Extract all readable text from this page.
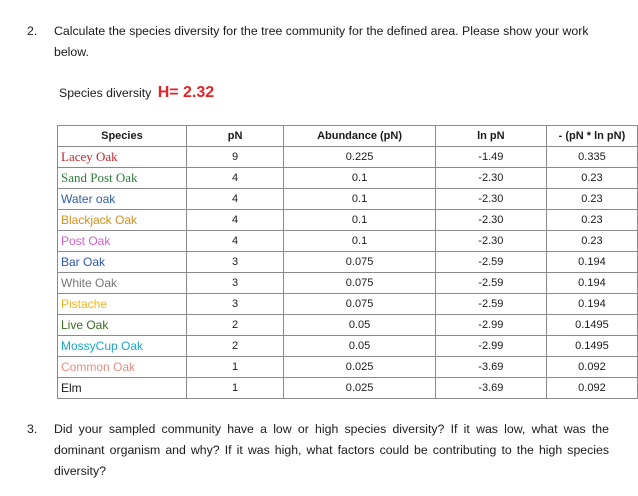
2. Calculate the species diversity for the tree community for the defined area. Please show your work below.
Species diversity H= 2.32
Species	pN	Abundance (pN)	ln pN	- (pN * ln pN)
Lacey Oak	9	0.225	-1.49	0.335
Sand Post Oak	4	0.1	-2.30	0.23
Water oak	4	0.1	-2.30	0.23
Blackjack Oak	4	0.1	-2.30	0.23
Post Oak	4	0.1	-2.30	0.23
Bar Oak	3	0.075	-2.59	0.194
White Oak	3	0.075	-2.59	0.194
Pistache	3	0.075	-2.59	0.194
Live Oak	2	0.05	-2.99	0.1495
MossyCup Oak	2	0.05	-2.99	0.1495
Common Oak	1	0.025	-3.69	0.092
Elm	1	0.025	-3.69	0.092
3. Did your sampled community have a low or high species diversity? If it was low, what was the dominant organism and why? If it was high, what factors could be contributing to the high species diversity?
